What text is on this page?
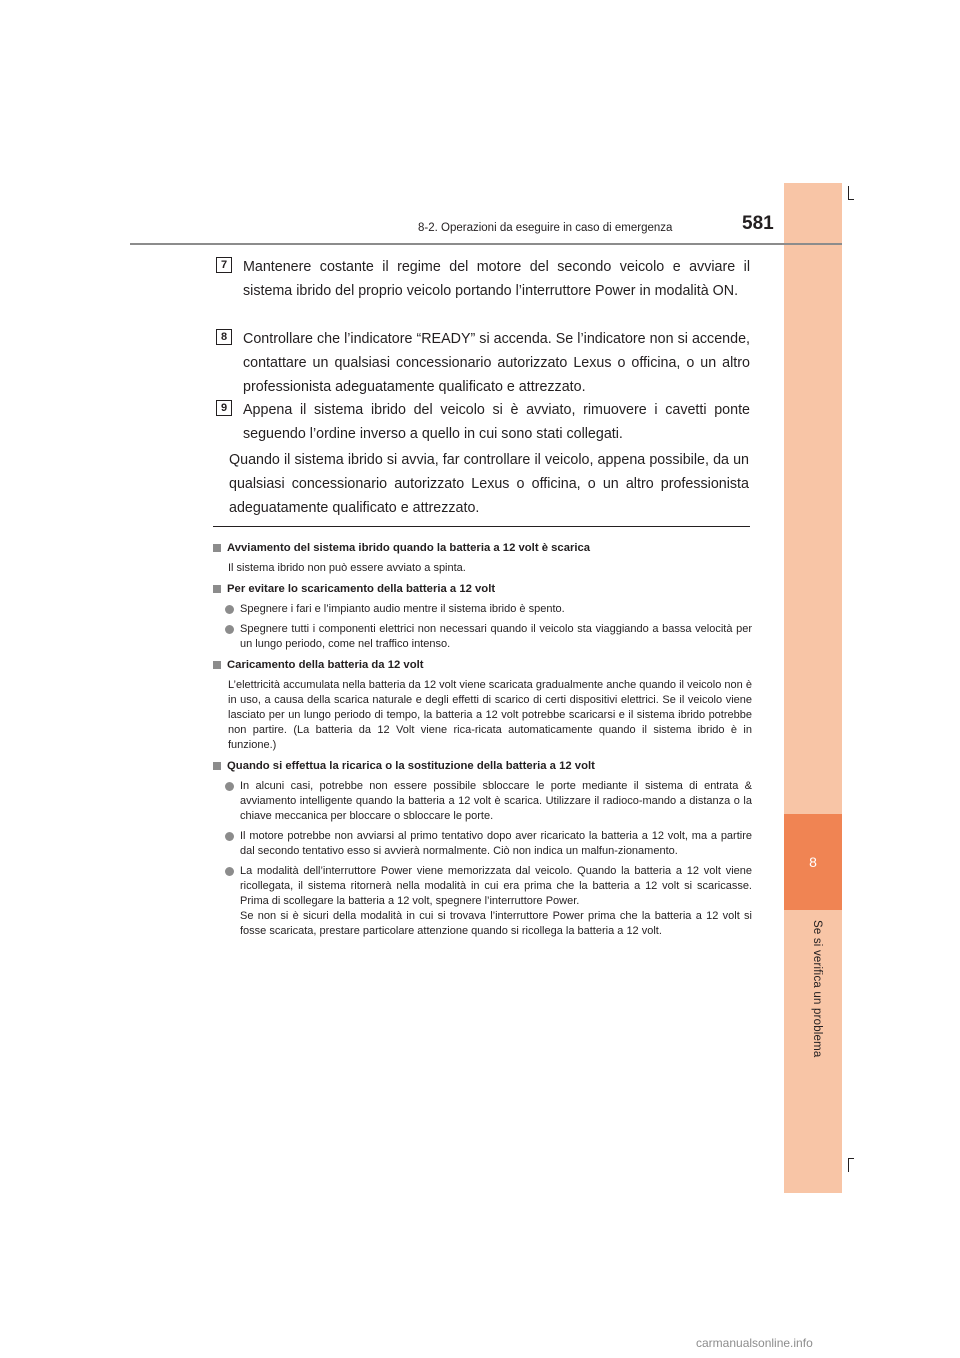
8
Se si verifica un problema
8-2. Operazioni da eseguire in caso di emergenza	581
7	Mantenere costante il regime del motore del secondo veicolo e avviare il sistema ibrido del proprio veicolo portando l’interruttore Power in modalità ON.
8	Controllare che l’indicatore “READY” si accenda. Se l’indicatore non si accende, contattare un qualsiasi concessionario autorizzato Lexus o officina, o un altro professionista adeguatamente qualificato e attrezzato.
9	Appena il sistema ibrido del veicolo si è avviato, rimuovere i cavetti ponte seguendo l’ordine inverso a quello in cui sono stati collegati.
Quando il sistema ibrido si avvia, far controllare il veicolo, appena possibile, da un qualsiasi concessionario autorizzato Lexus o officina, o un altro professionista adeguatamente qualificato e attrezzato.
Avviamento del sistema ibrido quando la batteria a 12 volt è scarica
Il sistema ibrido non può essere avviato a spinta.
Per evitare lo scaricamento della batteria a 12 volt
Spegnere i fari e l’impianto audio mentre il sistema ibrido è spento.
Spegnere tutti i componenti elettrici non necessari quando il veicolo sta viaggiando a bassa velocità per un lungo periodo, come nel traffico intenso.
Caricamento della batteria da 12 volt
L’elettricità accumulata nella batteria da 12 volt viene scaricata gradualmente anche quando il veicolo non è in uso, a causa della scarica naturale e degli effetti di scarico di certi dispositivi elettrici. Se il veicolo viene lasciato per un lungo periodo di tempo, la batteria a 12 volt potrebbe scaricarsi e il sistema ibrido potrebbe non partire. (La batteria da 12 Volt viene rica-ricata automaticamente quando il sistema ibrido è in funzione.)
Quando si effettua la ricarica o la sostituzione della batteria a 12 volt
In alcuni casi, potrebbe non essere possibile sbloccare le porte mediante il sistema di entrata & avviamento intelligente quando la batteria a 12 volt è scarica. Utilizzare il radioco-mando a distanza o la chiave meccanica per bloccare o sbloccare le porte.
Il motore potrebbe non avviarsi al primo tentativo dopo aver ricaricato la batteria a 12 volt, ma a partire dal secondo tentativo esso si avvierà normalmente. Ciò non indica un malfun-zionamento.
La modalità dell’interruttore Power viene memorizzata dal veicolo. Quando la batteria a 12 volt viene ricollegata, il sistema ritornerà nella modalità in cui era prima che la batteria a 12 volt si scaricasse. Prima di scollegare la batteria a 12 volt, spegnere l’interruttore Power.
Se non si è sicuri della modalità in cui si trovava l’interruttore Power prima che la batteria a 12 volt si fosse scaricata, prestare particolare attenzione quando si ricollega la batteria a 12 volt.
carmanualsonline.info
